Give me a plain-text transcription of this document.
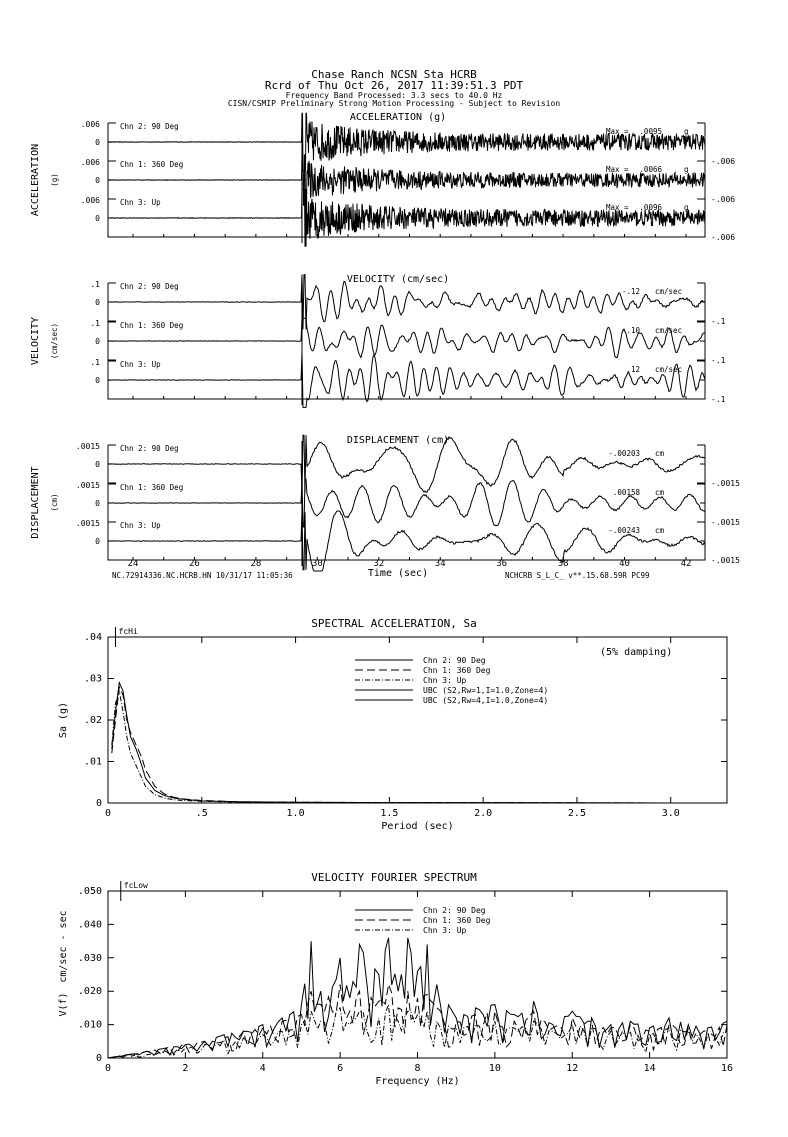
Chase Ranch NCSN Sta HCRB
Rcrd of Thu Oct 26, 2017 11:39:51.3 PDT
Frequency Band Processed: 3.3 secs to 40.0 Hz
CISN/CSMIP Preliminary Strong Motion Processing - Subject to Revision
ACCELERATION (g)
ACCELERATION (g)
.006
0
-.006
Chn 2: 90 Deg
Max = .0095	g
.006
0
-.006
Chn 1: 360 Deg
Max = .0066	g
.006
0
-.006
Chn 3: Up
Max = .0096	g
VELOCITY (cm/sec)
VELOCITY (cm/sec)
.1
0
-.1
Chn 2: 90 Deg
-.12 cm/sec
.1
0
-.1
Chn 1: 360 Deg
-.10 cm/sec
.1
0
-.1
Chn 3: Up
.12 cm/sec
DISPLACEMENT (cm)
DISPLACEMENT (cm)
.0015
0
-.0015
Chn 2: 90 Deg
-.00203 cm
.0015
0
-.0015
Chn 1: 360 Deg
.00158 cm
.0015
0
-.0015
Chn 3: Up
-.00243 cm
24	26	28	30	32	34	36	38	40	42
Time (sec)
NC.72914336.NC.HCRB.HN 10/31/17 11:05:36	NCHCRB S_L_C_ v**.15.68.59R PC99
SPECTRAL ACCELERATION, Sa
0	.5	1.0	1.5	2.0	2.5	3.0
0
.01
.02
.03
.04
Period (sec)
Sa (g)
(5% damping)
fcHi
Chn 2: 90 Deg
Chn 1: 360 Deg
Chn 3: Up
UBC (S2,Rw=1,I=1.0,Zone=4)
UBC (S2,Rw=4,I=1.0,Zone=4)
VELOCITY FOURIER SPECTRUM
0	2	4	6	8	10	12	14	16
0
.010
.020
.030
.040
.050
Frequency (Hz)
V(f)
cm/sec - sec
fcLow
Chn 2: 90 Deg
Chn 1: 360 Deg
Chn 3: Up
